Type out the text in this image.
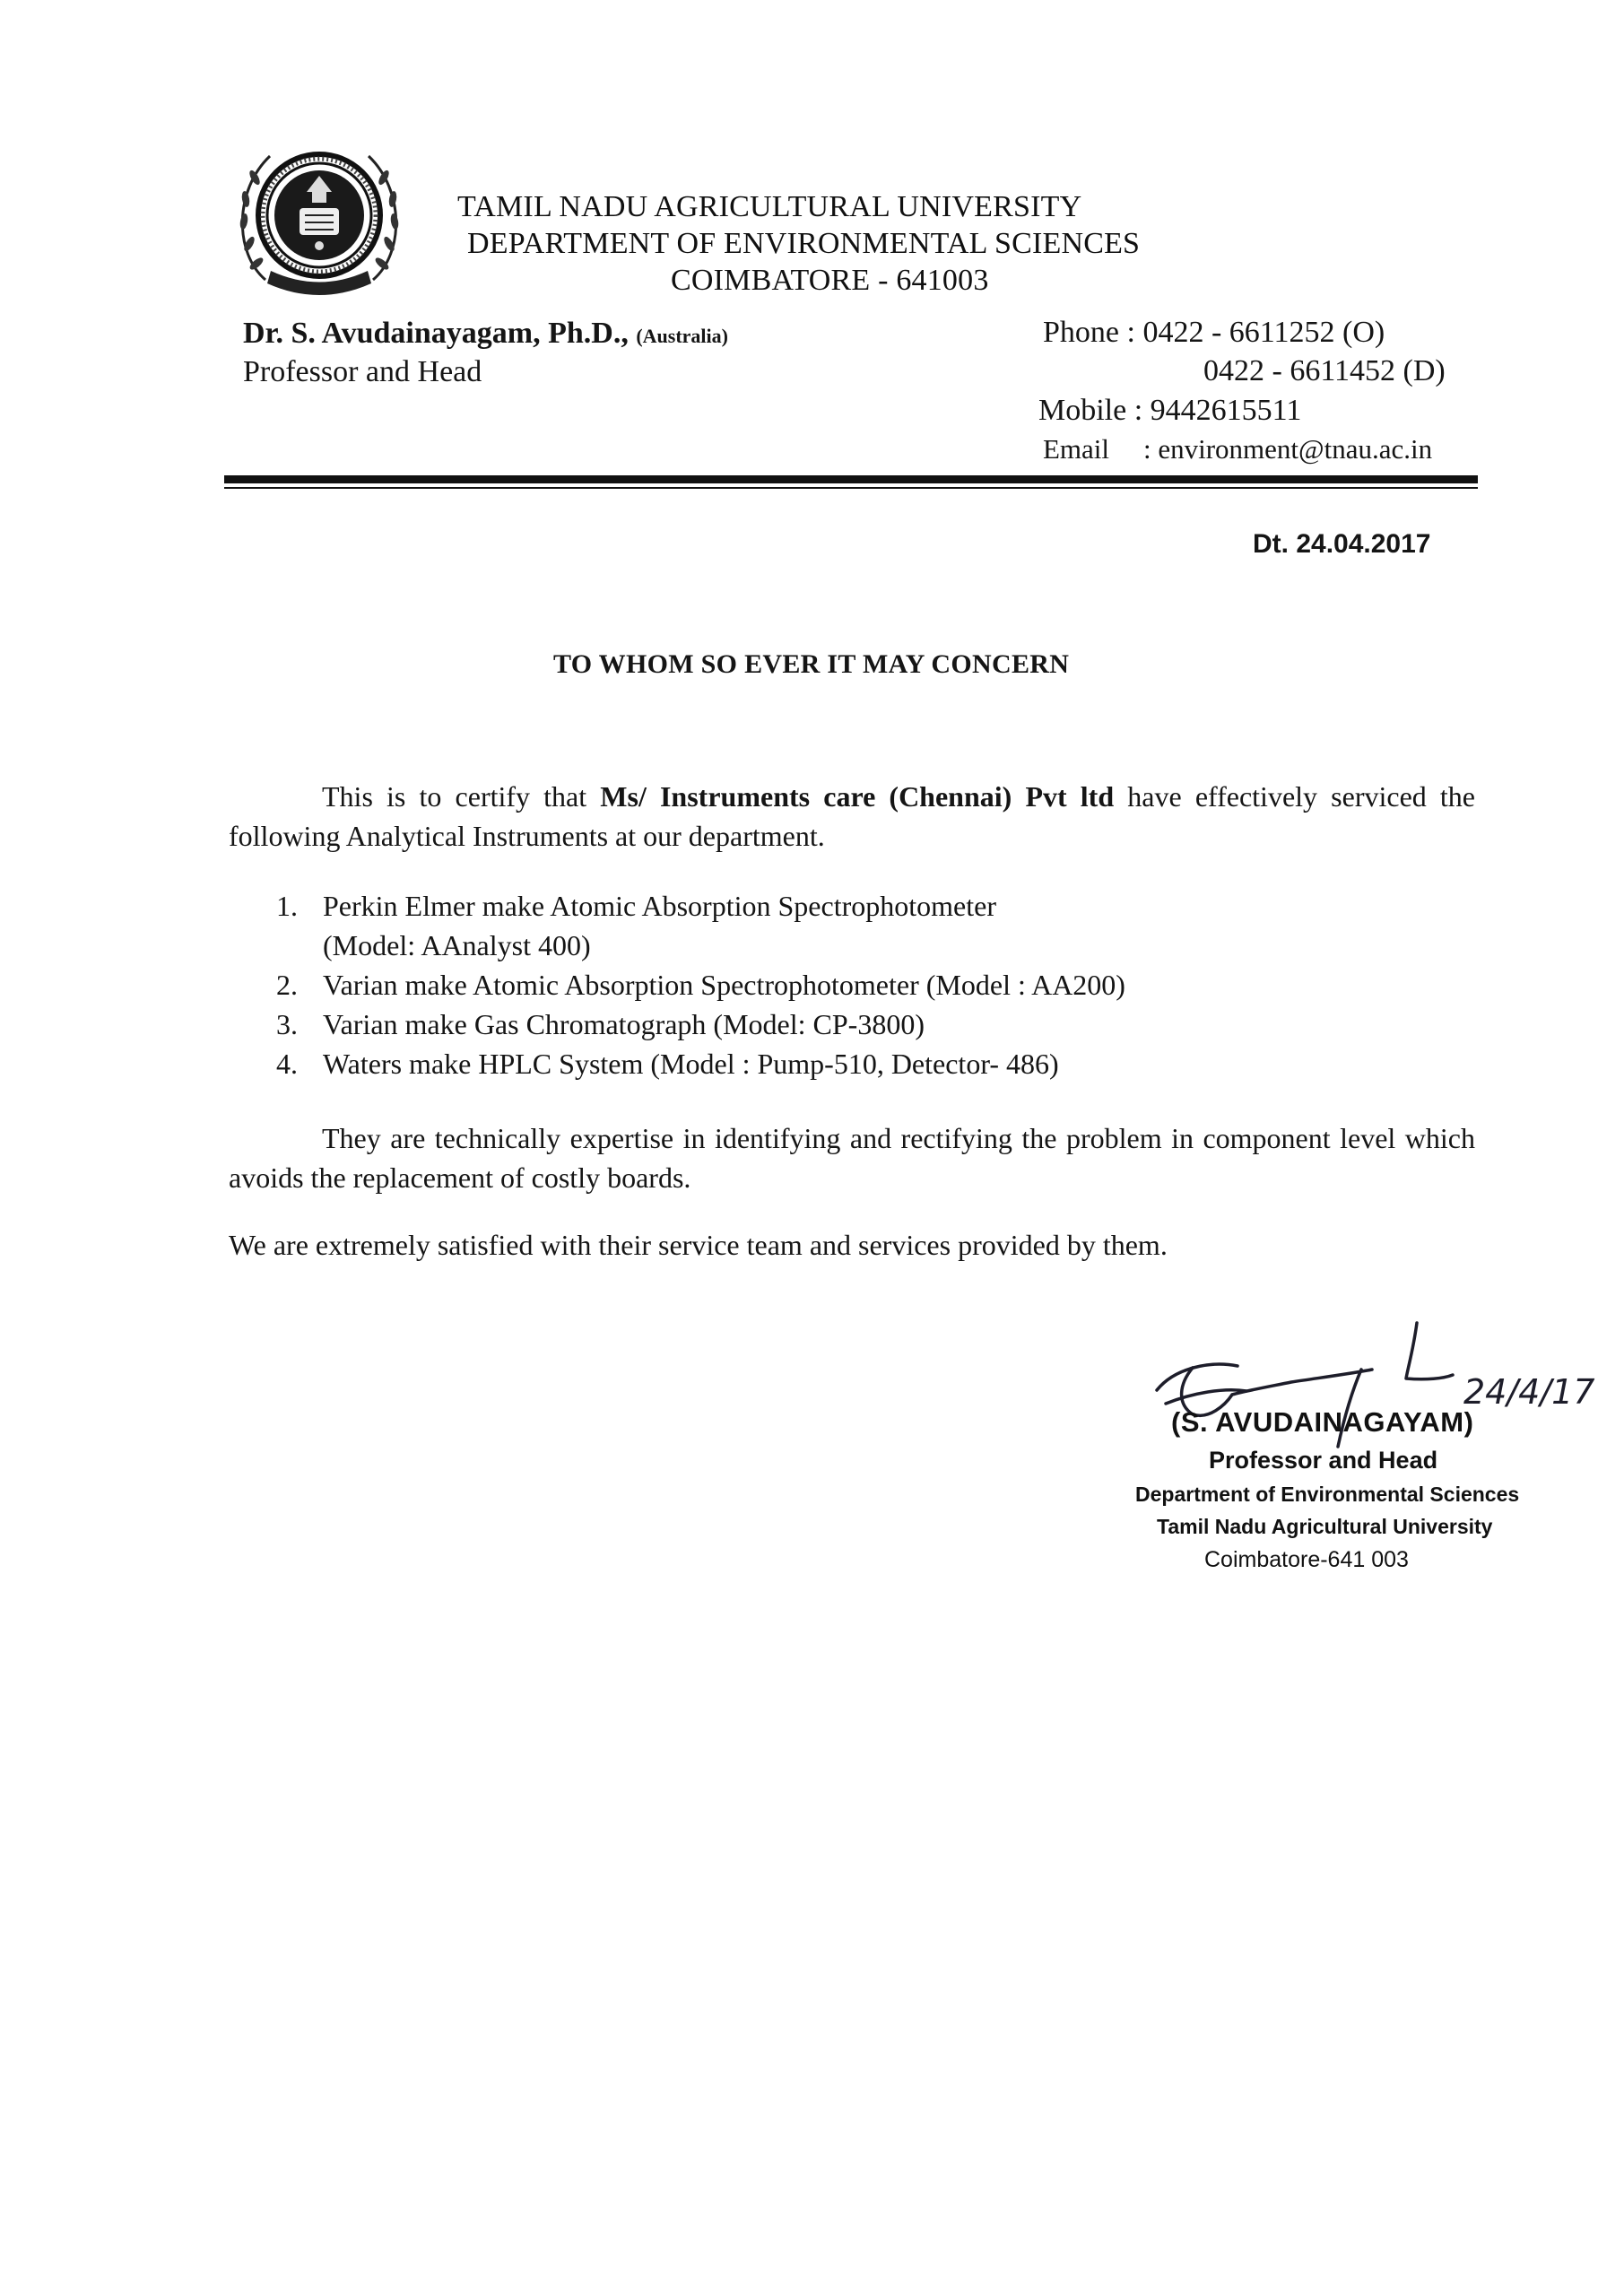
TAMIL NADU AGRICULTURAL UNIVERSITY
DEPARTMENT OF ENVIRONMENTAL SCIENCES
COIMBATORE - 641003
Dr. S. Avudainayagam, Ph.D., (Australia)
Professor and Head
Phone : 0422 - 6611252 (O)
0422 - 6611452 (D)
Mobile : 9442615511
Email : environment@tnau.ac.in
Dt. 24.04.2017
TO WHOM SO EVER IT MAY CONCERN
This is to certify that Ms/ Instruments care (Chennai) Pvt ltd have effectively serviced the following Analytical Instruments at our department.
1. Perkin Elmer make Atomic Absorption Spectrophotometer
(Model: AAnalyst 400)
2. Varian make Atomic Absorption Spectrophotometer (Model : AA200)
3. Varian make Gas Chromatograph (Model: CP-3800)
4. Waters make HPLC System (Model : Pump-510, Detector- 486)
They are technically expertise in identifying and rectifying the problem in component level which avoids the replacement of costly boards.
We are extremely satisfied with their service team and services provided by them.
24/4/17
(S. AVUDAINAGAYAM)
Professor and Head
Department of Environmental Sciences
Tamil Nadu Agricultural University
Coimbatore-641 003
